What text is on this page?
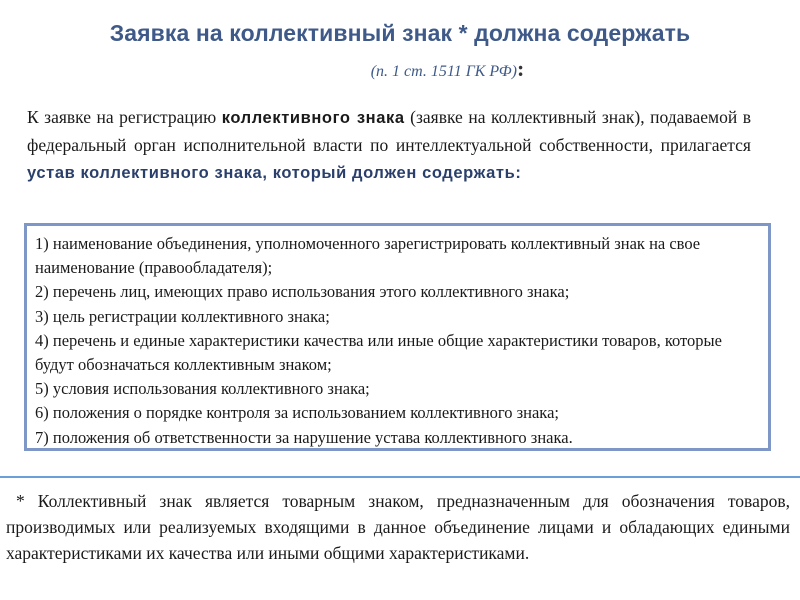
Заявка на коллективный знак * должна содержать
(п. 1 ст. 1511 ГК РФ):
К заявке на регистрацию коллективного знака (заявке на коллективный знак), подаваемой в федеральный орган исполнительной власти по интеллектуальной собственности, прилагается устав коллективного знака, который должен содержать:
1) наименование объединения, уполномоченного зарегистрировать коллективный знак на свое наименование (правообладателя);
2) перечень лиц, имеющих право использования этого коллективного знака;
3) цель регистрации коллективного знака;
4) перечень и единые характеристики качества или иные общие характеристики товаров, которые будут обозначаться коллективным знаком;
5) условия использования коллективного знака;
6) положения о порядке контроля за использованием коллективного знака;
7) положения об ответственности за нарушение устава коллективного знака.
* Коллективный знак является товарным знаком, предназначенным для обозначения товаров, производимых или реализуемых входящими в данное объединение лицами и обладающих едиными характеристиками их качества или иными общими характеристиками.
